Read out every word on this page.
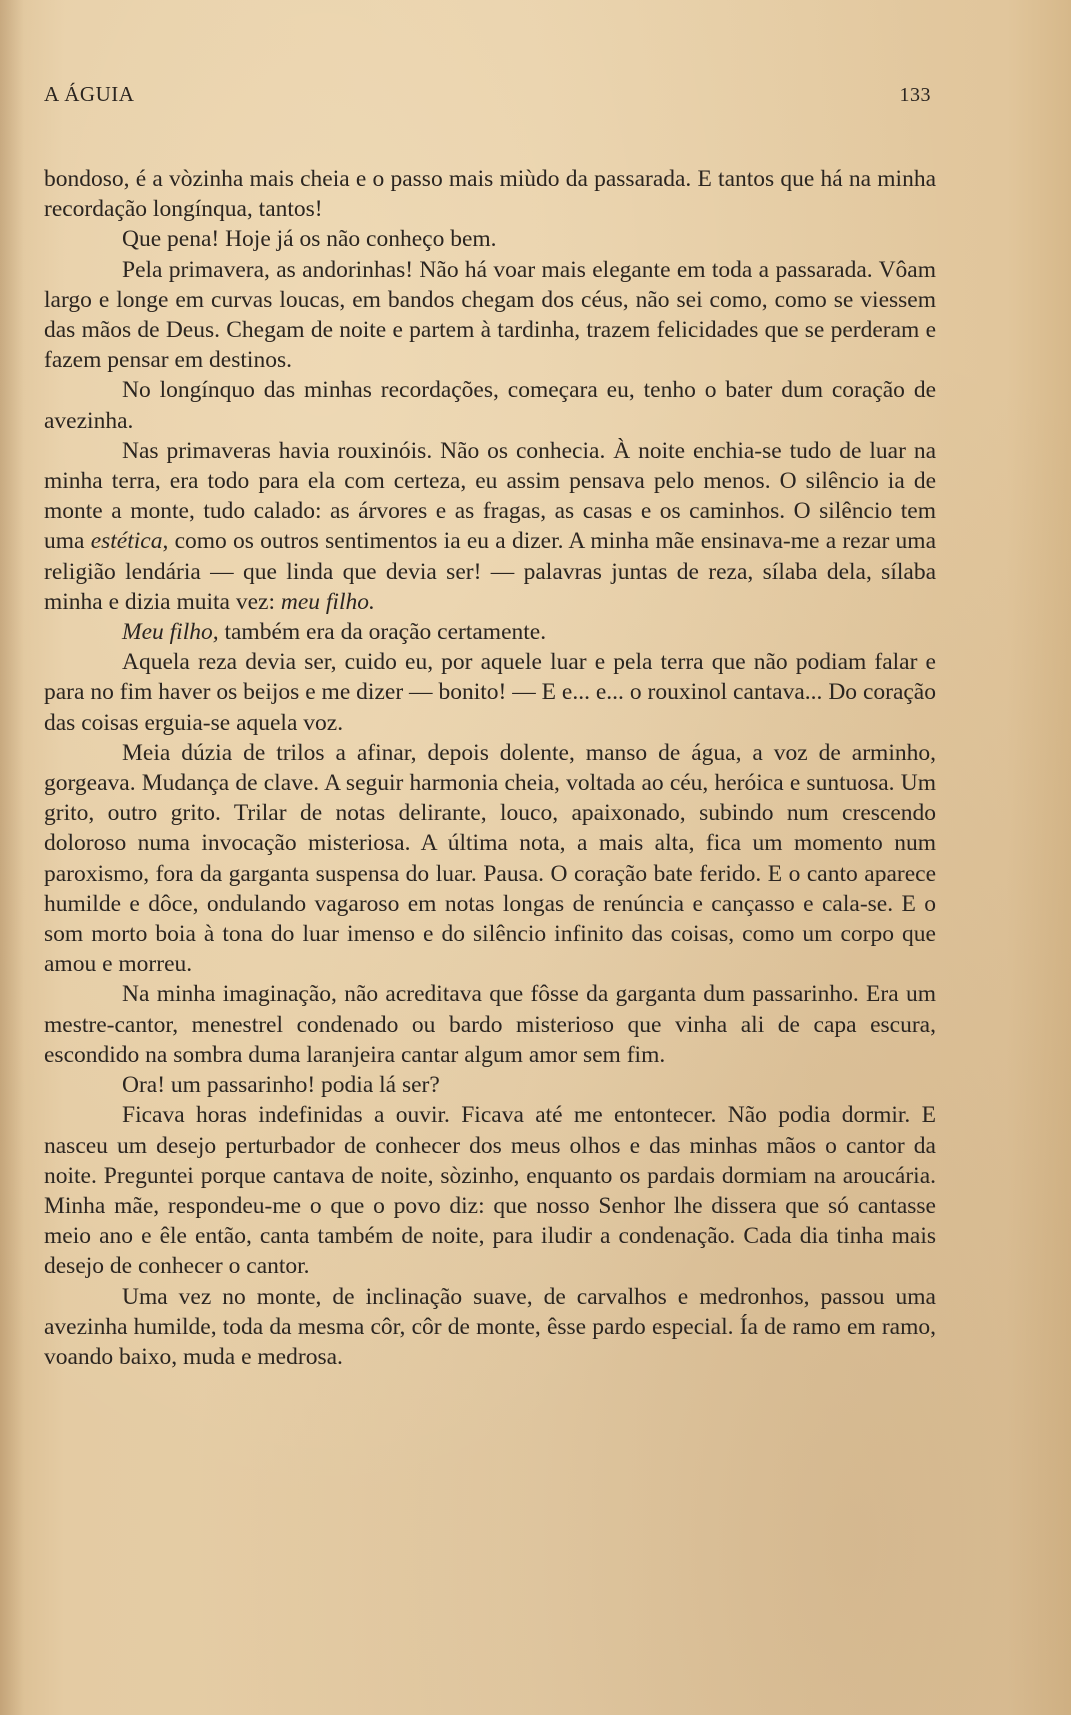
A ÁGUIA	133

bondoso, é a vòzinha mais cheia e o passo mais miùdo da passarada. E tantos que há na minha recordação longínqua, tantos!

Que pena! Hoje já os não conheço bem.

Pela primavera, as andorinhas! Não há voar mais elegante em toda a passarada. Vôam largo e longe em curvas loucas, em bandos chegam dos céus, não sei como, como se viessem das mãos de Deus. Chegam de noite e partem à tardinha, trazem felicidades que se perderam e fazem pensar em destinos.

No longínquo das minhas recordações, começara eu, tenho o bater dum coração de avezinha.

Nas primaveras havia rouxinóis. Não os conhecia. À noite enchia-se tudo de luar na minha terra, era todo para ela com certeza, eu assim pensava pelo menos. O silêncio ia de monte a monte, tudo calado: as árvores e as fragas, as casas e os caminhos. O silêncio tem uma estética, como os outros sentimentos ia eu a dizer. A minha mãe ensinava-me a rezar uma religião lendária — que linda que devia ser! — palavras juntas de reza, sílaba dela, sílaba minha e dizia muita vez: meu filho.

Meu filho, também era da oração certamente.

Aquela reza devia ser, cuido eu, por aquele luar e pela terra que não podiam falar e para no fim haver os beijos e me dizer — bonito! — E e... e... o rouxinol cantava... Do coração das coisas erguia-se aquela voz.

Meia dúzia de trilos a afinar, depois dolente, manso de água, a voz de arminho, gorgeava. Mudança de clave. A seguir harmonia cheia, voltada ao céu, heróica e suntuosa. Um grito, outro grito. Trilar de notas delirante, louco, apaixonado, subindo num crescendo doloroso numa invocação misteriosa. A última nota, a mais alta, fica um momento num paroxismo, fora da garganta suspensa do luar. Pausa. O coração bate ferido. E o canto aparece humilde e dôce, ondulando vagaroso em notas longas de renúncia e cançasso e cala-se. E o som morto boia à tona do luar imenso e do silêncio infinito das coisas, como um corpo que amou e morreu.

Na minha imaginação, não acreditava que fôsse da garganta dum passarinho. Era um mestre-cantor, menestrel condenado ou bardo misterioso que vinha ali de capa escura, escondido na sombra duma laranjeira cantar algum amor sem fim.

Ora! um passarinho! podia lá ser?

Ficava horas indefinidas a ouvir. Ficava até me entontecer. Não podia dormir. E nasceu um desejo perturbador de conhecer dos meus olhos e das minhas mãos o cantor da noite. Preguntei porque cantava de noite, sòzinho, enquanto os pardais dormiam na aroucária. Minha mãe, respondeu-me o que o povo diz: que nosso Senhor lhe dissera que só cantasse meio ano e êle então, canta também de noite, para iludir a condenação. Cada dia tinha mais desejo de conhecer o cantor.

Uma vez no monte, de inclinação suave, de carvalhos e medronhos, passou uma avezinha humilde, toda da mesma côr, côr de monte, êsse pardo especial. Ía de ramo em ramo, voando baixo, muda e medrosa.
